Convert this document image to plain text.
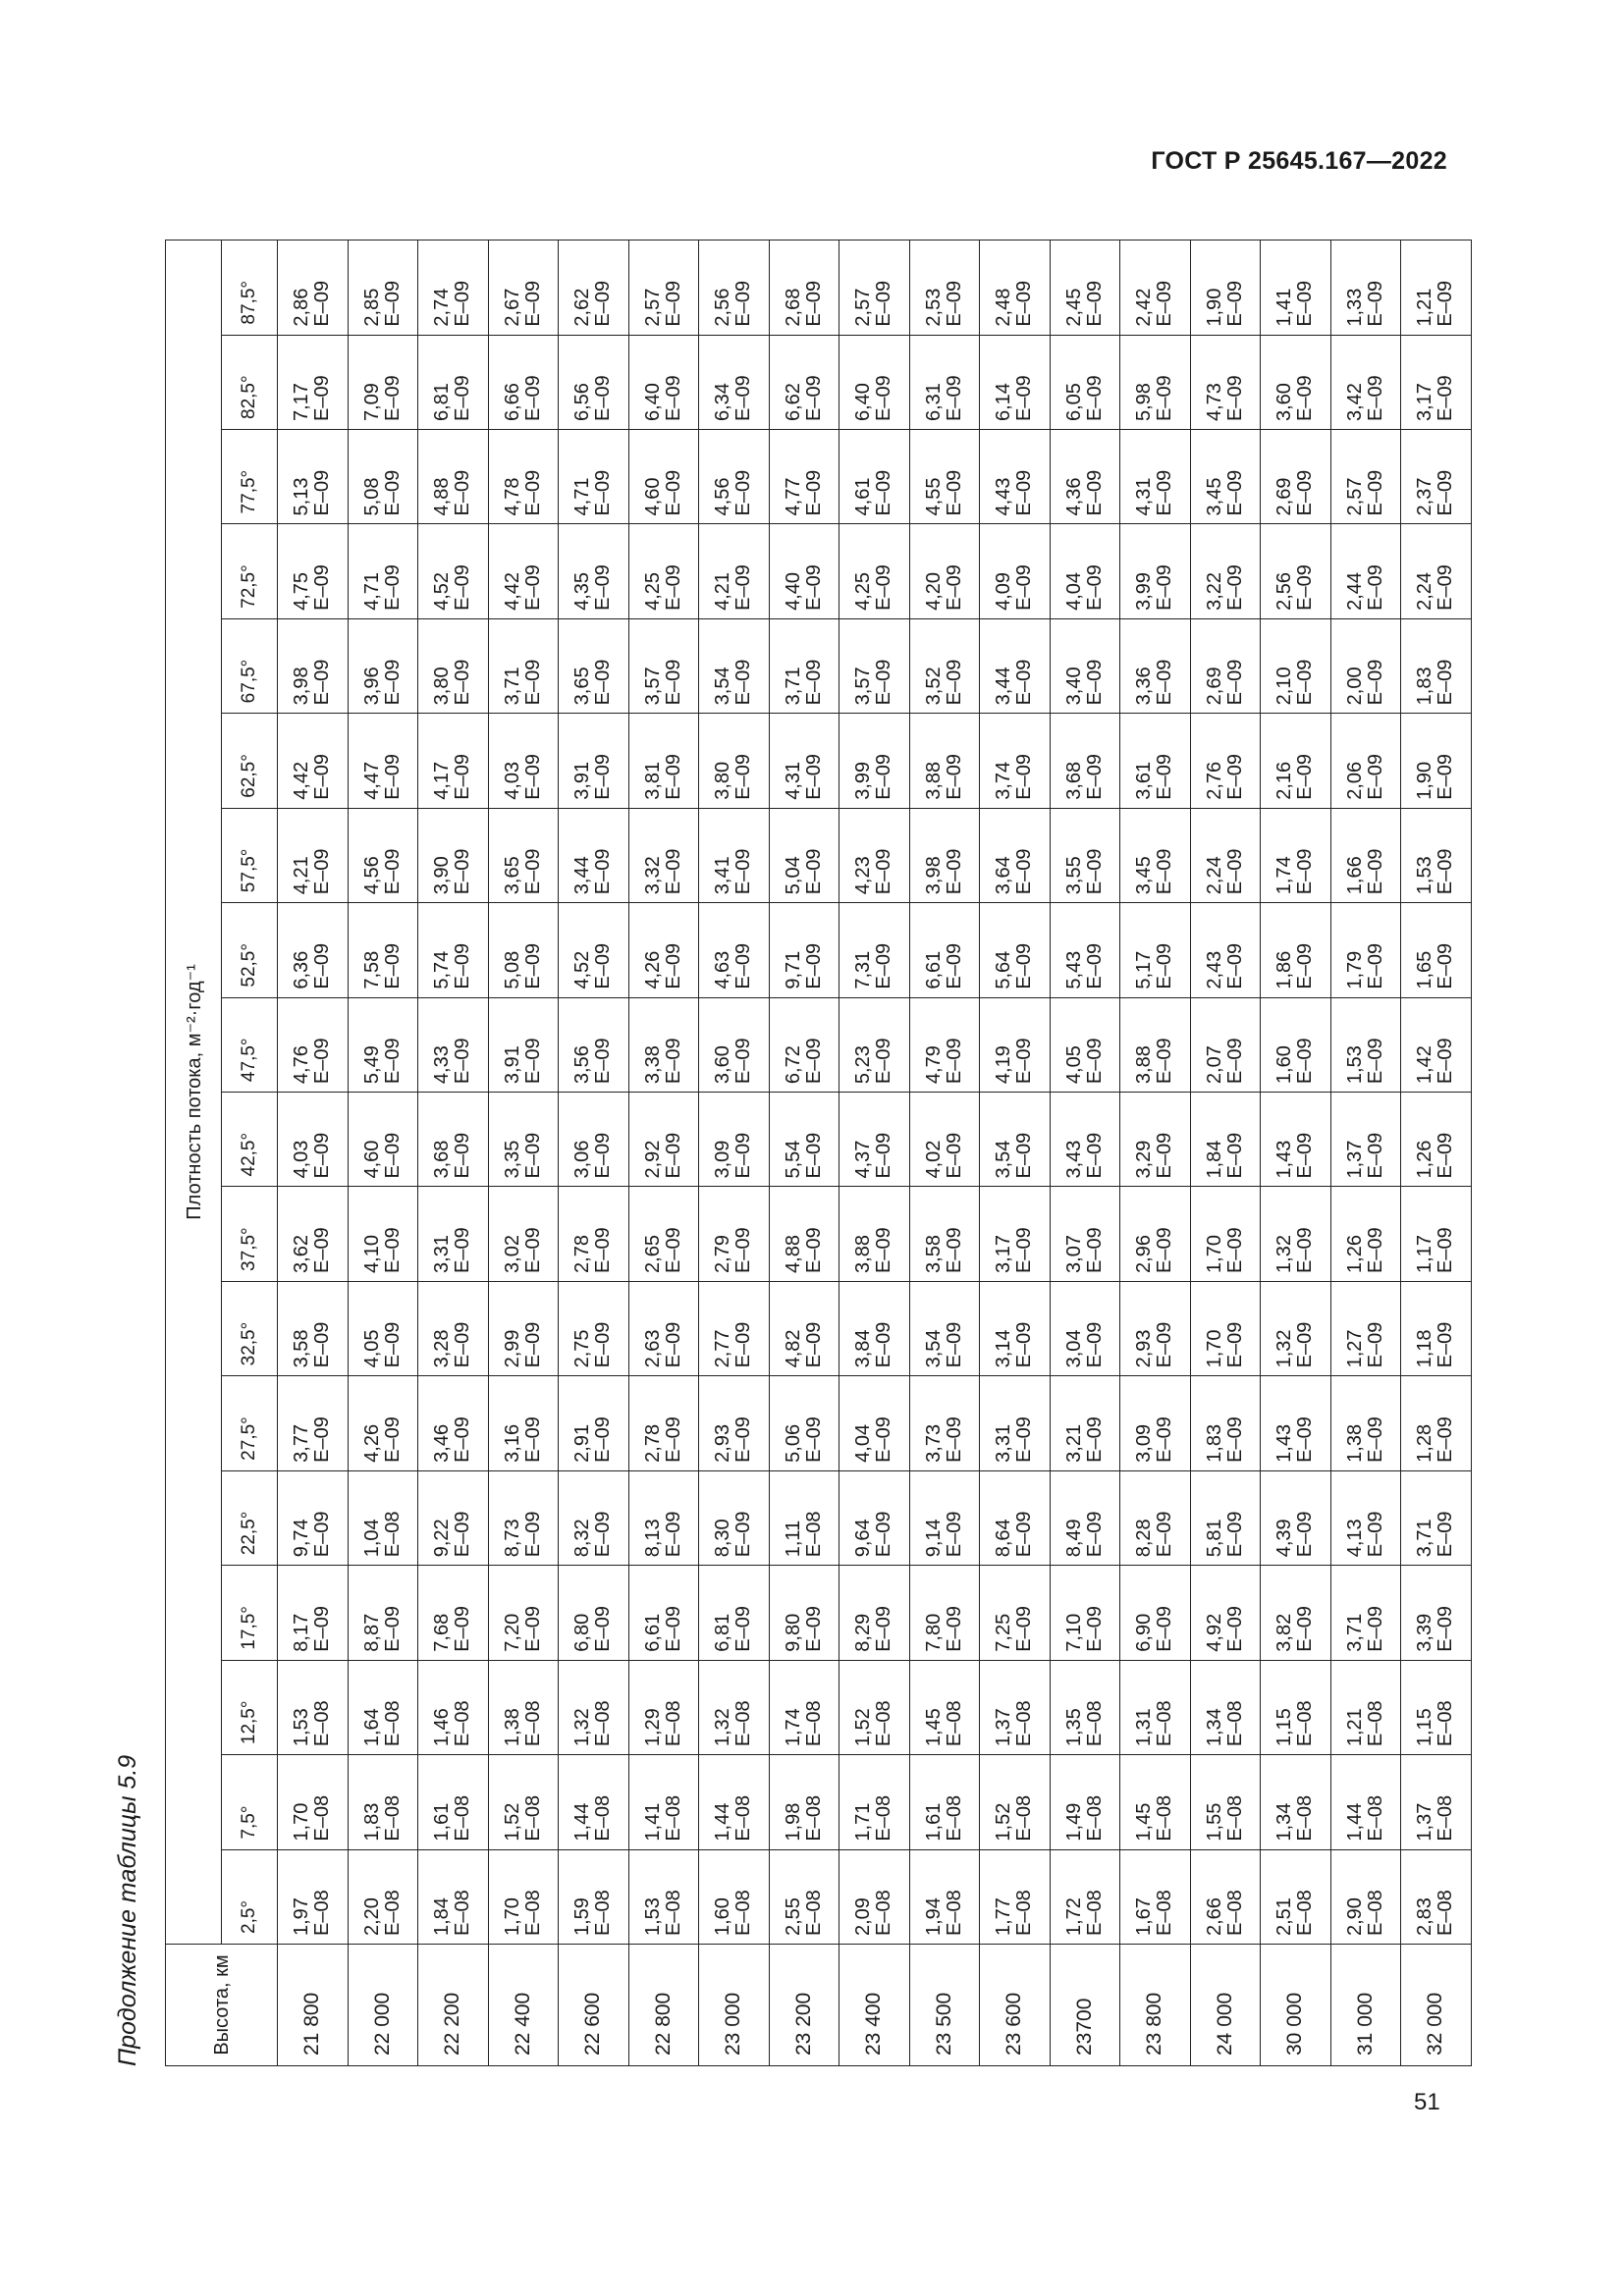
ГОСТ Р 25645.167—2022
Продолжение таблицы 5.9	Высота, км	Плотность потока, м⁻²·год⁻¹																	
	2,5°	7,5°	12,5°	17,5°	22,5°	27,5°	32,5°	37,5°	42,5°	47,5°	52,5°	57,5°	62,5°	67,5°	72,5°	77,5°	82,5°	87,5°
21 800	1,97 E–08	1,70 E–08	1,53 E–08	8,17 E–09	9,74 E–09	3,77 E–09	3,58 E–09	3,62 E–09	4,03 E–09	4,76 E–09	6,36 E–09	4,21 E–09	4,42 E–09	3,98 E–09	4,75 E–09	5,13 E–09	7,17 E–09	2,86 E–09

22 000	2,20 E–08	1,83 E–08	1,64 E–08	8,87 E–09	1,04 E–08	4,26 E–09	4,05 E–09	4,10 E–09	4,60 E–09	5,49 E–09	7,58 E–09	4,56 E–09	4,47 E–09	3,96 E–09	4,71 E–09	5,08 E–09	7,09 E–09	2,85 E–09

22 200	1,84 E–08	1,61 E–08	1,46 E–08	7,68 E–09	9,22 E–09	3,46 E–09	3,28 E–09	3,31 E–09	3,68 E–09	4,33 E–09	5,74 E–09	3,90 E–09	4,17 E–09	3,80 E–09	4,52 E–09	4,88 E–09	6,81 E–09	2,74 E–09

22 400	1,70 E–08	1,52 E–08	1,38 E–08	7,20 E–09	8,73 E–09	3,16 E–09	2,99 E–09	3,02 E–09	3,35 E–09	3,91 E–09	5,08 E–09	3,65 E–09	4,03 E–09	3,71 E–09	4,42 E–09	4,78 E–09	6,66 E–09	2,67 E–09

22 600	1,59 E–08	1,44 E–08	1,32 E–08	6,80 E–09	8,32 E–09	2,91 E–09	2,75 E–09	2,78 E–09	3,06 E–09	3,56 E–09	4,52 E–09	3,44 E–09	3,91 E–09	3,65 E–09	4,35 E–09	4,71 E–09	6,56 E–09	2,62 E–09

22 800	1,53 E–08	1,41 E–08	1,29 E–08	6,61 E–09	8,13 E–09	2,78 E–09	2,63 E–09	2,65 E–09	2,92 E–09	3,38 E–09	4,26 E–09	3,32 E–09	3,81 E–09	3,57 E–09	4,25 E–09	4,60 E–09	6,40 E–09	2,57 E–09

23 000	1,60 E–08	1,44 E–08	1,32 E–08	6,81 E–09	8,30 E–09	2,93 E–09	2,77 E–09	2,79 E–09	3,09 E–09	3,60 E–09	4,63 E–09	3,41 E–09	3,80 E–09	3,54 E–09	4,21 E–09	4,56 E–09	6,34 E–09	2,56 E–09

23 200	2,55 E–08	1,98 E–08	1,74 E–08	9,80 E–09	1,11 E–08	5,06 E–09	4,82 E–09	4,88 E–09	5,54 E–09	6,72 E–09	9,71 E–09	5,04 E–09	4,31 E–09	3,71 E–09	4,40 E–09	4,77 E–09	6,62 E–09	2,68 E–09

23 400	2,09 E–08	1,71 E–08	1,52 E–08	8,29 E–09	9,64 E–09	4,04 E–09	3,84 E–09	3,88 E–09	4,37 E–09	5,23 E–09	7,31 E–09	4,23 E–09	3,99 E–09	3,57 E–09	4,25 E–09	4,61 E–09	6,40 E–09	2,57 E–09

23 500	1,94 E–08	1,61 E–08	1,45 E–08	7,80 E–09	9,14 E–09	3,73 E–09	3,54 E–09	3,58 E–09	4,02 E–09	4,79 E–09	6,61 E–09	3,98 E–09	3,88 E–09	3,52 E–09	4,20 E–09	4,55 E–09	6,31 E–09	2,53 E–09

23 600	1,77 E–08	1,52 E–08	1,37 E–08	7,25 E–09	8,64 E–09	3,31 E–09	3,14 E–09	3,17 E–09	3,54 E–09	4,19 E–09	5,64 E–09	3,64 E–09	3,74 E–09	3,44 E–09	4,09 E–09	4,43 E–09	6,14 E–09	2,48 E–09

23700	1,72 E–08	1,49 E–08	1,35 E–08	7,10 E–09	8,49 E–09	3,21 E–09	3,04 E–09	3,07 E–09	3,43 E–09	4,05 E–09	5,43 E–09	3,55 E–09	3,68 E–09	3,40 E–09	4,04 E–09	4,36 E–09	6,05 E–09	2,45 E–09

23 800	1,67 E–08	1,45 E–08	1,31 E–08	6,90 E–09	8,28 E–09	3,09 E–09	2,93 E–09	2,96 E–09	3,29 E–09	3,88 E–09	5,17 E–09	3,45 E–09	3,61 E–09	3,36 E–09	3,99 E–09	4,31 E–09	5,98 E–09	2,42 E–09

24 000	2,66 E–08	1,55 E–08	1,34 E–08	4,92 E–09	5,81 E–09	1,83 E–09	1,70 E–09	1,70 E–09	1,84 E–09	2,07 E–09	2,43 E–09	2,24 E–09	2,76 E–09	2,69 E–09	3,22 E–09	3,45 E–09	4,73 E–09	1,90 E–09

30 000	2,51 E–08	1,34 E–08	1,15 E–08	3,82 E–09	4,39 E–09	1,43 E–09	1,32 E–09	1,32 E–09	1,43 E–09	1,60 E–09	1,86 E–09	1,74 E–09	2,16 E–09	2,10 E–09	2,56 E–09	2,69 E–09	3,60 E–09	1,41 E–09

31 000	2,90 E–08	1,44 E–08	1,21 E–08	3,71 E–09	4,13 E–09	1,38 E–09	1,27 E–09	1,26 E–09	1,37 E–09	1,53 E–09	1,79 E–09	1,66 E–09	2,06 E–09	2,00 E–09	2,44 E–09	2,57 E–09	3,42 E–09	1,33 E–09

32 000	2,83 E–08	1,37 E–08	1,15 E–08	3,39 E–09	3,71 E–09	1,28 E–09	1,18 E–09	1,17 E–09	1,26 E–09	1,42 E–09	1,65 E–09	1,53 E–09	1,90 E–09	1,83 E–09	2,24 E–09	2,37 E–09	3,17 E–09	1,21 E–09
51
